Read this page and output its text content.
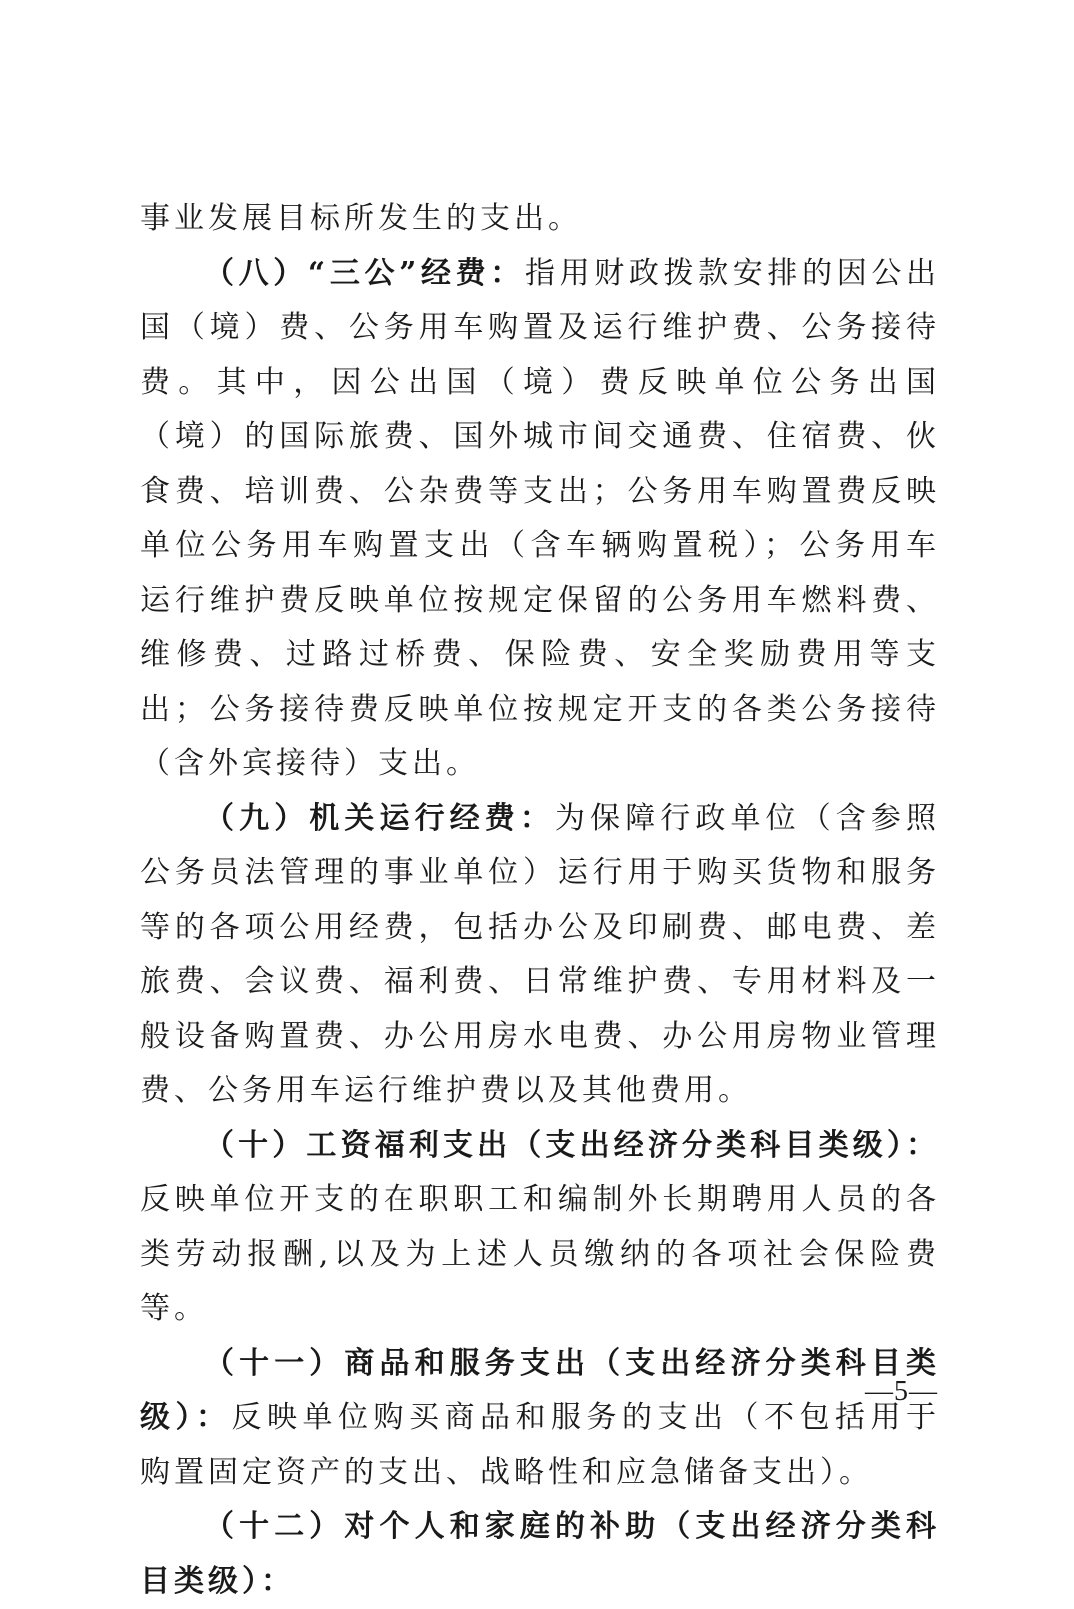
事业发展目标所发生的支出。

（八）“三公”经费：指用财政拨款安排的因公出国（境）费、公务用车购置及运行维护费、公务接待费。其中，因公出国（境）费反映单位公务出国（境）的国际旅费、国外城市间交通费、住宿费、伙食费、培训费、公杂费等支出；公务用车购置费反映单位公务用车购置支出（含车辆购置税）；公务用车运行维护费反映单位按规定保留的公务用车燃料费、维修费、过路过桥费、保险费、安全奖励费用等支出；公务接待费反映单位按规定开支的各类公务接待（含外宾接待）支出。

（九）机关运行经费：为保障行政单位（含参照公务员法管理的事业单位）运行用于购买货物和服务等的各项公用经费，包括办公及印刷费、邮电费、差旅费、会议费、福利费、日常维护费、专用材料及一般设备购置费、办公用房水电费、办公用房物业管理费、公务用车运行维护费以及其他费用。

（十）工资福利支出（支出经济分类科目类级）：反映单位开支的在职职工和编制外长期聘用人员的各类劳动报酬,以及为上述人员缴纳的各项社会保险费等。

（十一）商品和服务支出（支出经济分类科目类级）：反映单位购买商品和服务的支出（不包括用于购置固定资产的支出、战略性和应急储备支出）。

（十二）对个人和家庭的补助（支出经济分类科目类级）：

—5—
